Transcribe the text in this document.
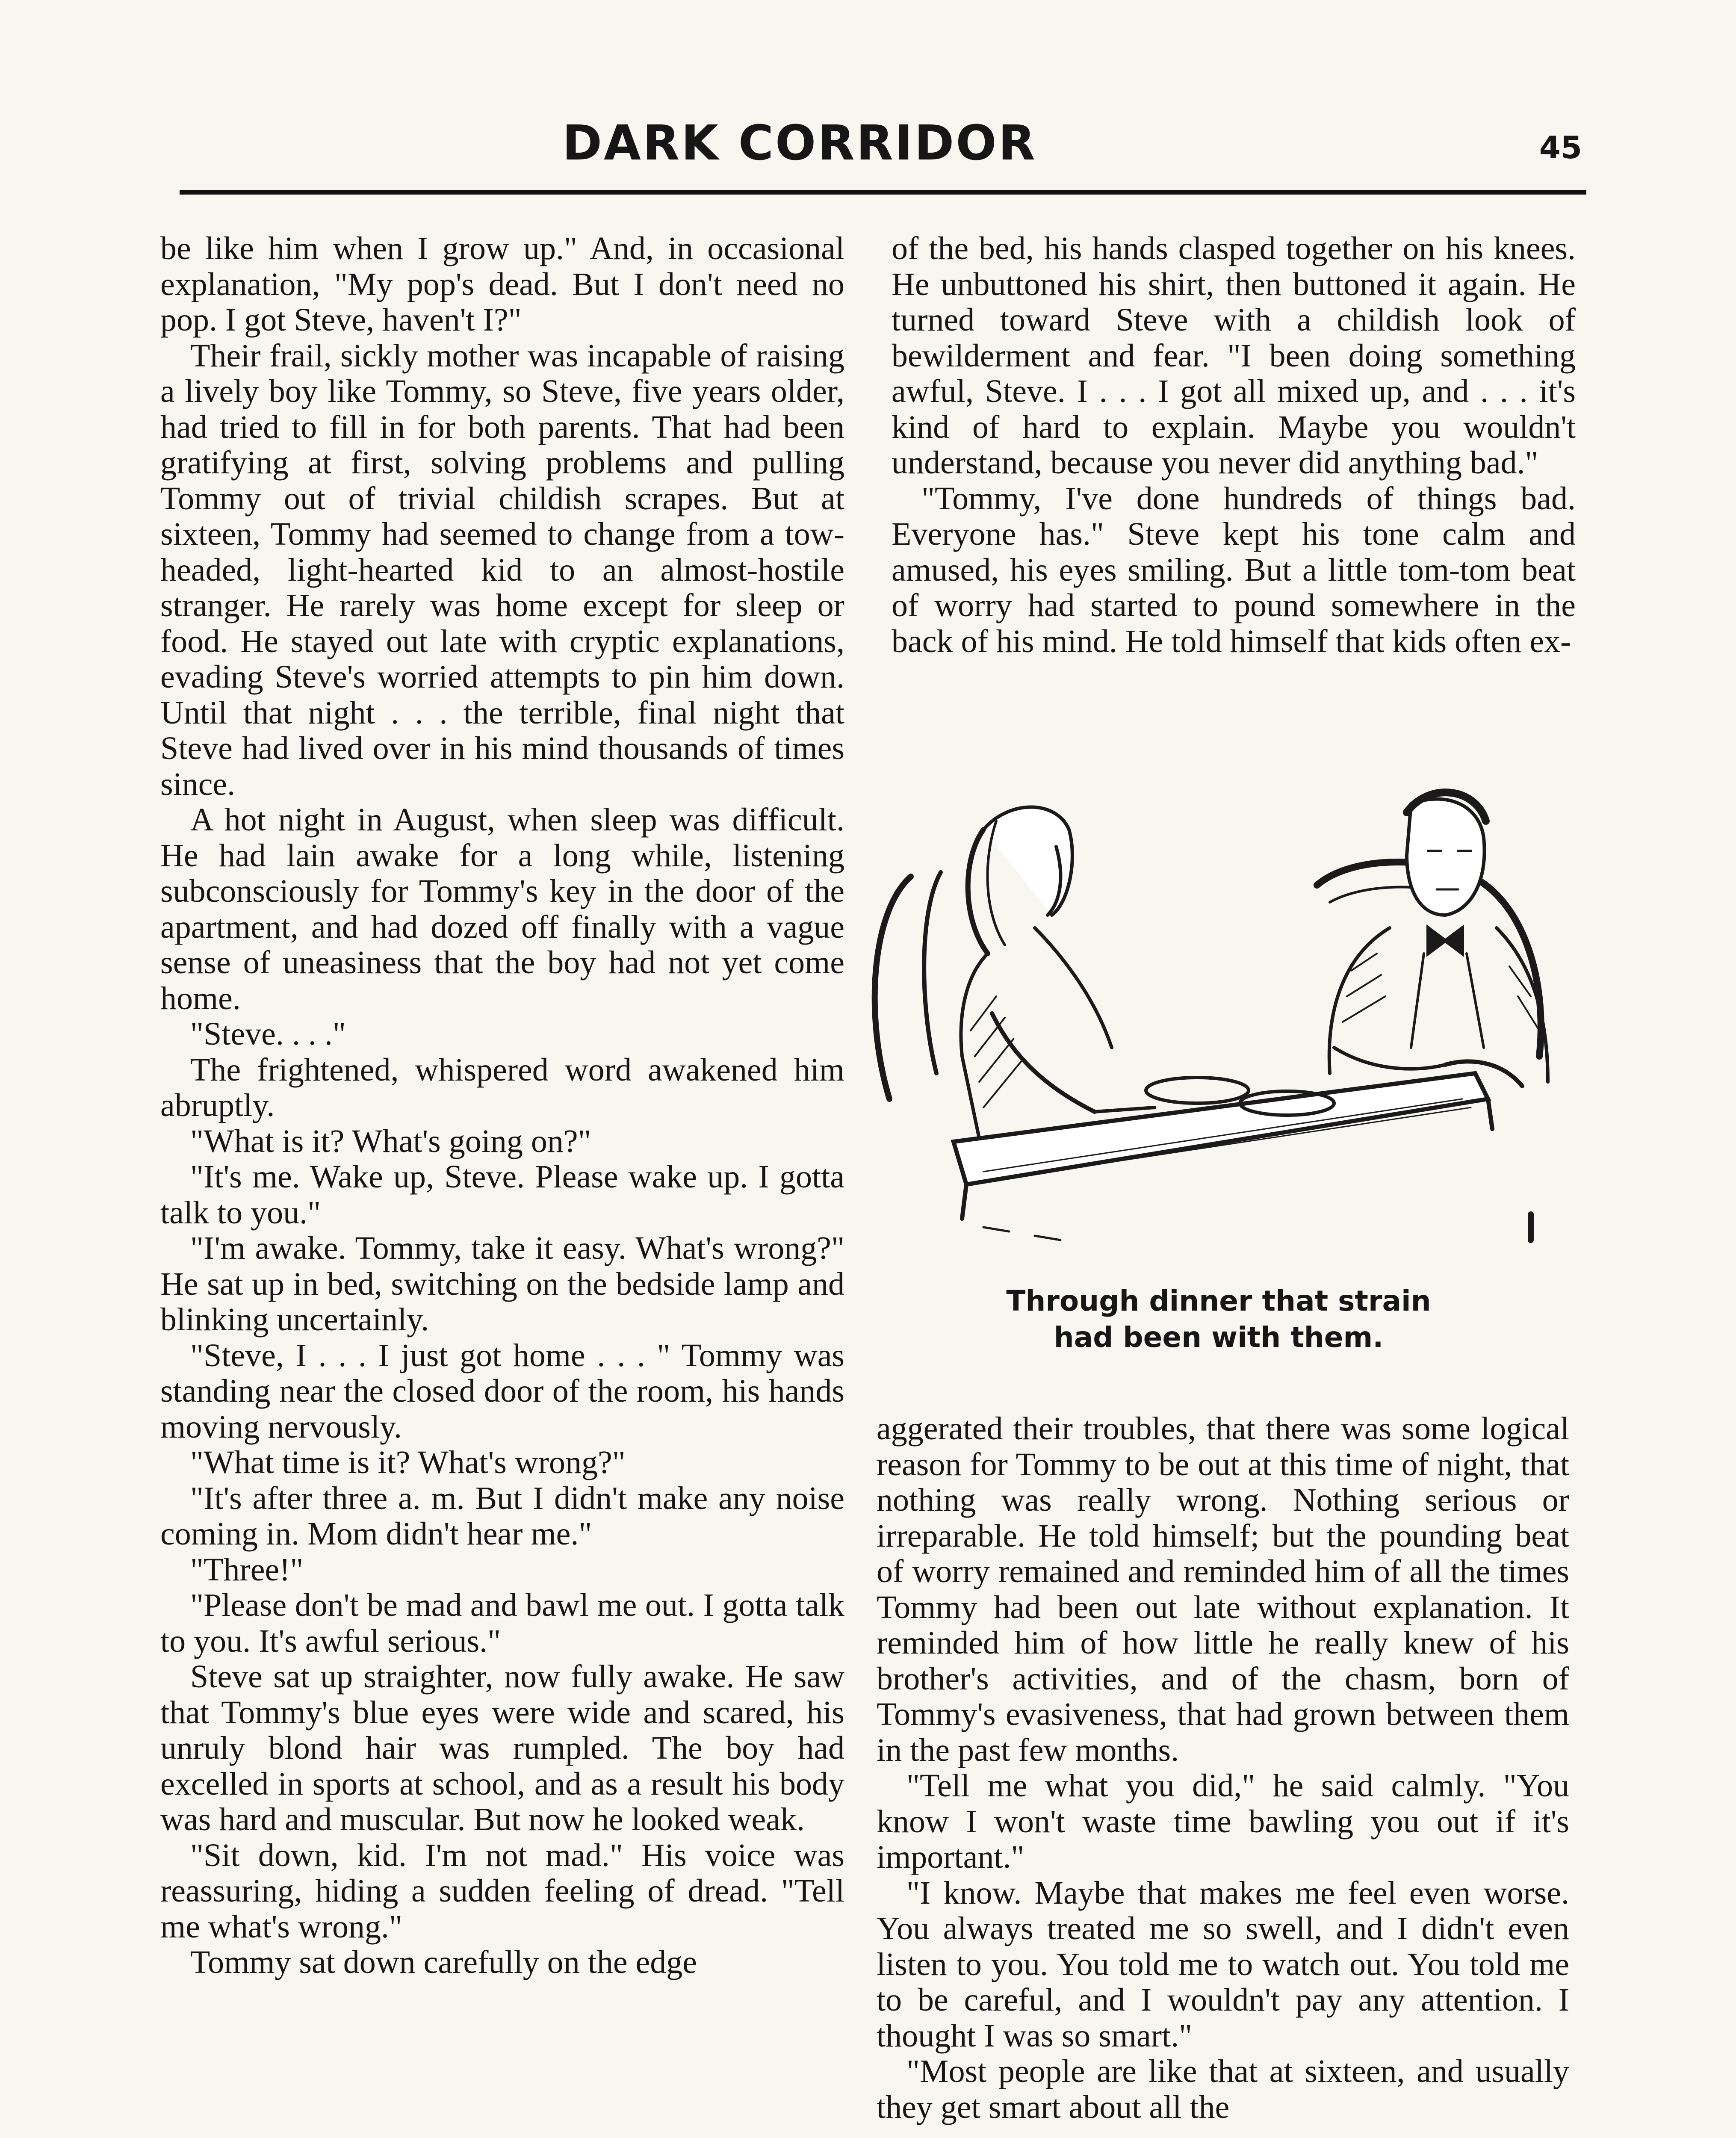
DARK CORRIDOR	45

be like him when I grow up." And, in occasional explanation, "My pop's dead. But I don't need no pop. I got Steve, haven't I?"

Their frail, sickly mother was incapable of raising a lively boy like Tommy, so Steve, five years older, had tried to fill in for both parents. That had been gratifying at first, solving problems and pulling Tommy out of trivial childish scrapes. But at sixteen, Tommy had seemed to change from a tow-headed, light-hearted kid to an almost-hostile stranger. He rarely was home except for sleep or food. He stayed out late with cryptic explanations, evading Steve's worried attempts to pin him down. Until that night . . . the terrible, final night that Steve had lived over in his mind thousands of times since.

A hot night in August, when sleep was difficult. He had lain awake for a long while, listening subconsciously for Tommy's key in the door of the apartment, and had dozed off finally with a vague sense of uneasiness that the boy had not yet come home.

"Steve. . . ."

The frightened, whispered word awakened him abruptly.

"What is it? What's going on?"

"It's me. Wake up, Steve. Please wake up. I gotta talk to you."

"I'm awake. Tommy, take it easy. What's wrong?" He sat up in bed, switching on the bedside lamp and blinking uncertainly.

"Steve, I . . . I just got home . . . " Tommy was standing near the closed door of the room, his hands moving nervously.

"What time is it? What's wrong?"

"It's after three a. m. But I didn't make any noise coming in. Mom didn't hear me."

"Three!"

"Please don't be mad and bawl me out. I gotta talk to you. It's awful serious."

Steve sat up straighter, now fully awake. He saw that Tommy's blue eyes were wide and scared, his unruly blond hair was rumpled. The boy had excelled in sports at school, and as a result his body was hard and muscular. But now he looked weak.

"Sit down, kid. I'm not mad." His voice was reassuring, hiding a sudden feeling of dread. "Tell me what's wrong."

Tommy sat down carefully on the edge

of the bed, his hands clasped together on his knees. He unbuttoned his shirt, then buttoned it again. He turned toward Steve with a childish look of bewilderment and fear. "I been doing something awful, Steve. I . . . I got all mixed up, and . . . it's kind of hard to explain. Maybe you wouldn't understand, because you never did anything bad."

"Tommy, I've done hundreds of things bad. Everyone has." Steve kept his tone calm and amused, his eyes smiling. But a little tom-tom beat of worry had started to pound somewhere in the back of his mind. He told himself that kids often ex-

Through dinner that strain
had been with them.

aggerated their troubles, that there was some logical reason for Tommy to be out at this time of night, that nothing was really wrong. Nothing serious or irreparable. He told himself; but the pounding beat of worry remained and reminded him of all the times Tommy had been out late without explanation. It reminded him of how little he really knew of his brother's activities, and of the chasm, born of Tommy's evasiveness, that had grown between them in the past few months.

"Tell me what you did," he said calmly. "You know I won't waste time bawling you out if it's important."

"I know. Maybe that makes me feel even worse. You always treated me so swell, and I didn't even listen to you. You told me to watch out. You told me to be careful, and I wouldn't pay any attention. I thought I was so smart."

"Most people are like that at sixteen, and usually they get smart about all the
